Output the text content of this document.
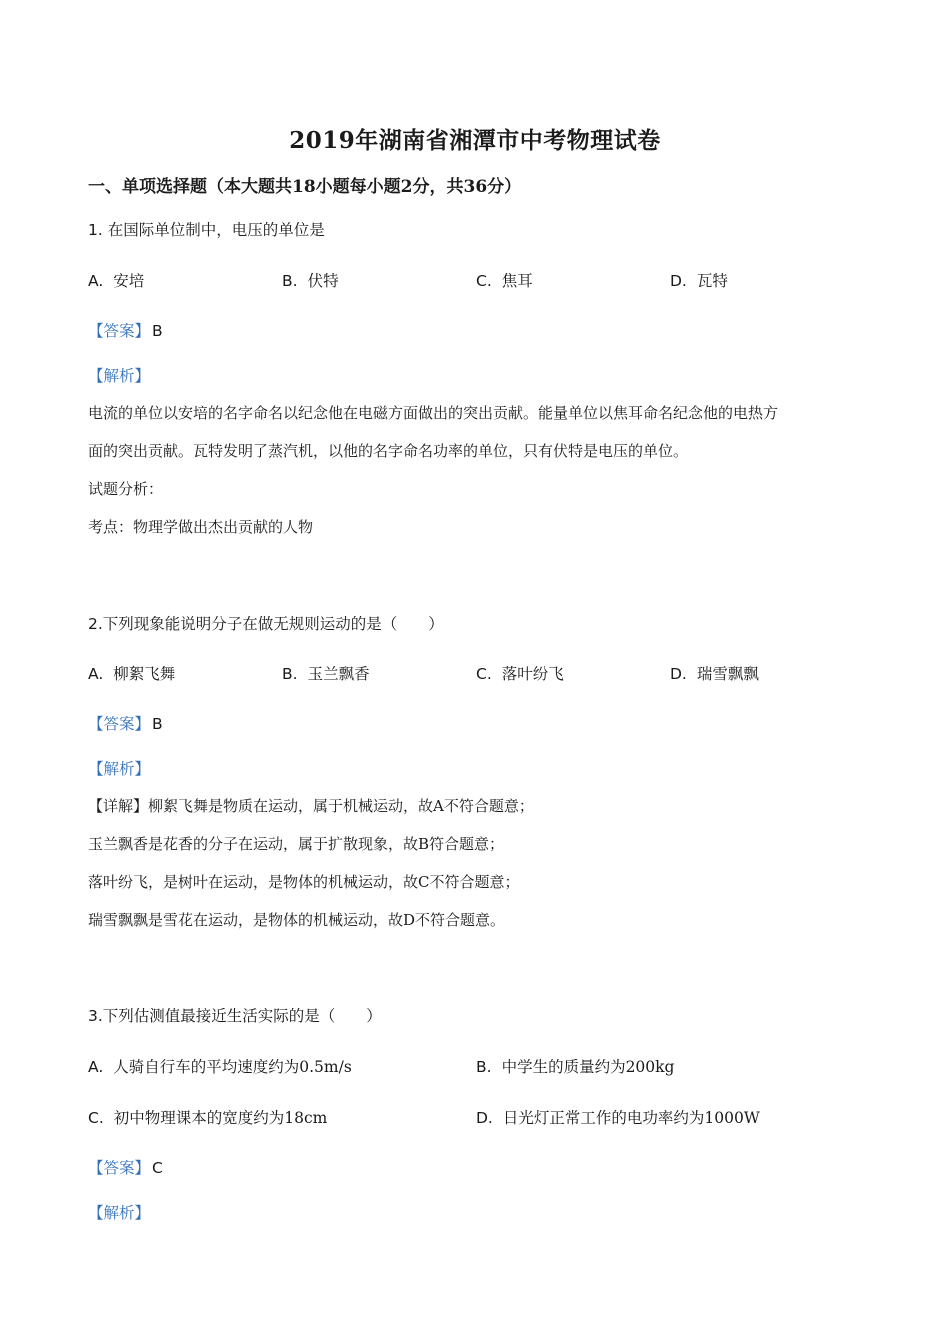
2019年湖南省湘潭市中考物理试卷
一、单项选择题（本大题共18小题每小题2分，共36分）
1. 在国际单位制中，电压的单位是
A. 安培	B. 伏特	C. 焦耳	D. 瓦特
【答案】 B
【解析】
电流的单位以安培的名字命名以纪念他在电磁方面做出的突出贡献。能量单位以焦耳命名纪念他的电热方
面的突出贡献。瓦特发明了蒸汽机，以他的名字命名功率的单位，只有伏特是电压的单位。
试题分析：
考点：物理学做出杰出贡献的人物
2.下列现象能说明分子在做无规则运动的是（　　）
A. 柳絮飞舞	B. 玉兰飘香	C. 落叶纷飞	D. 瑞雪飘飘
【答案】 B
【解析】
【详解】柳絮飞舞是物质在运动，属于机械运动，故A不符合题意；
玉兰飘香是花香的分子在运动，属于扩散现象，故B符合题意；
落叶纷飞，是树叶在运动，是物体的机械运动，故C不符合题意；
瑞雪飘飘是雪花在运动，是物体的机械运动，故D不符合题意。
3.下列估测值最接近生活实际的是（　　）
A. 人骑自行车的平均速度约为0.5m/s	B. 中学生的质量约为200kg
C. 初中物理课本的宽度约为18cm	D. 日光灯正常工作的电功率约为1000W
【答案】 C
【解析】
